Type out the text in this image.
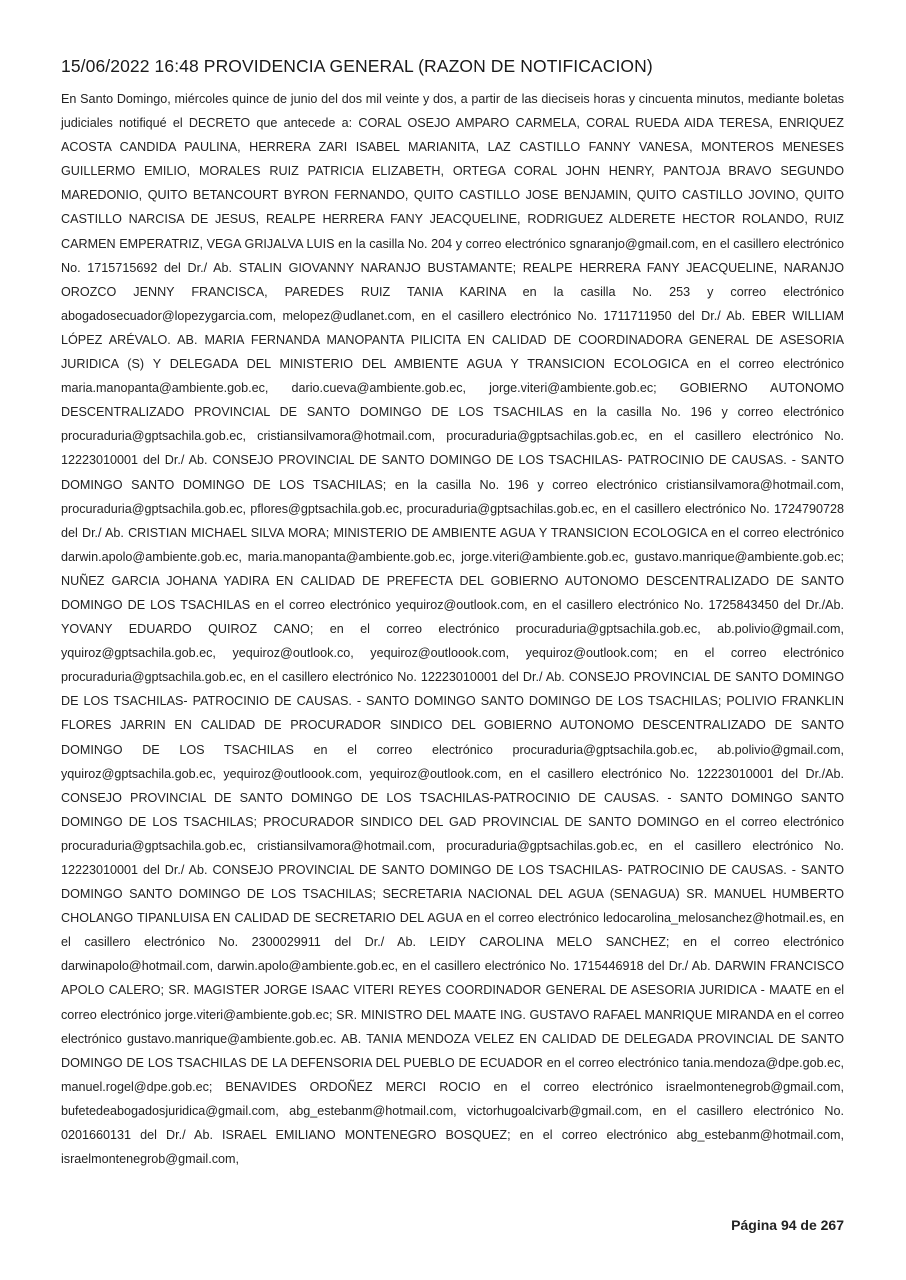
15/06/2022 16:48 PROVIDENCIA GENERAL (RAZON DE NOTIFICACION)

En Santo Domingo, miércoles quince de junio del dos mil veinte y dos, a partir de las dieciseis horas y cincuenta minutos, mediante boletas judiciales notifiqué el DECRETO que antecede a: CORAL OSEJO AMPARO CARMELA, CORAL RUEDA AIDA TERESA, ENRIQUEZ ACOSTA CANDIDA PAULINA, HERRERA ZARI ISABEL MARIANITA, LAZ CASTILLO FANNY VANESA, MONTEROS MENESES GUILLERMO EMILIO, MORALES RUIZ PATRICIA ELIZABETH, ORTEGA CORAL JOHN HENRY, PANTOJA BRAVO SEGUNDO MAREDONIO, QUITO BETANCOURT BYRON FERNANDO, QUITO CASTILLO JOSE BENJAMIN, QUITO CASTILLO JOVINO, QUITO CASTILLO NARCISA DE JESUS, REALPE HERRERA FANY JEACQUELINE, RODRIGUEZ ALDERETE HECTOR ROLANDO, RUIZ CARMEN EMPERATRIZ, VEGA GRIJALVA LUIS en la casilla No. 204 y correo electrónico sgnaranjo@gmail.com, en el casillero electrónico No. 1715715692 del Dr./ Ab. STALIN GIOVANNY NARANJO BUSTAMANTE; REALPE HERRERA FANY JEACQUELINE, NARANJO OROZCO JENNY FRANCISCA, PAREDES RUIZ TANIA KARINA en la casilla No. 253 y correo electrónico abogadosecuador@lopezygarcia.com, melopez@udlanet.com, en el casillero electrónico No. 1711711950 del Dr./ Ab. EBER WILLIAM LÓPEZ ARÉVALO. AB. MARIA FERNANDA MANOPANTA PILICITA EN CALIDAD DE COORDINADORA GENERAL DE ASESORIA JURIDICA (S) Y DELEGADA DEL MINISTERIO DEL AMBIENTE AGUA Y TRANSICION ECOLOGICA en el correo electrónico maria.manopanta@ambiente.gob.ec, dario.cueva@ambiente.gob.ec, jorge.viteri@ambiente.gob.ec; GOBIERNO AUTONOMO DESCENTRALIZADO PROVINCIAL DE SANTO DOMINGO DE LOS TSACHILAS en la casilla No. 196 y correo electrónico procuraduria@gptsachila.gob.ec, cristiansilvamora@hotmail.com, procuraduria@gptsachilas.gob.ec, en el casillero electrónico No. 12223010001 del Dr./ Ab. CONSEJO PROVINCIAL DE SANTO DOMINGO DE LOS TSACHILAS- PATROCINIO DE CAUSAS. - SANTO DOMINGO SANTO DOMINGO DE LOS TSACHILAS; en la casilla No. 196 y correo electrónico cristiansilvamora@hotmail.com, procuraduria@gptsachila.gob.ec, pflores@gptsachila.gob.ec, procuraduria@gptsachilas.gob.ec, en el casillero electrónico No. 1724790728 del Dr./ Ab. CRISTIAN MICHAEL SILVA MORA; MINISTERIO DE AMBIENTE AGUA Y TRANSICION ECOLOGICA en el correo electrónico darwin.apolo@ambiente.gob.ec, maria.manopanta@ambiente.gob.ec, jorge.viteri@ambiente.gob.ec, gustavo.manrique@ambiente.gob.ec; NUÑEZ GARCIA JOHANA YADIRA EN CALIDAD DE PREFECTA DEL GOBIERNO AUTONOMO DESCENTRALIZADO DE SANTO DOMINGO DE LOS TSACHILAS en el correo electrónico yequiroz@outlook.com, en el casillero electrónico No. 1725843450 del Dr./Ab. YOVANY EDUARDO QUIROZ CANO; en el correo electrónico procuraduria@gptsachila.gob.ec, ab.polivio@gmail.com, yquiroz@gptsachila.gob.ec, yequiroz@outlook.co, yequiroz@outloook.com, yequiroz@outlook.com; en el correo electrónico procuraduria@gptsachila.gob.ec, en el casillero electrónico No. 12223010001 del Dr./ Ab. CONSEJO PROVINCIAL DE SANTO DOMINGO DE LOS TSACHILAS- PATROCINIO DE CAUSAS. - SANTO DOMINGO SANTO DOMINGO DE LOS TSACHILAS; POLIVIO FRANKLIN FLORES JARRIN EN CALIDAD DE PROCURADOR SINDICO DEL GOBIERNO AUTONOMO DESCENTRALIZADO DE SANTO DOMINGO DE LOS TSACHILAS en el correo electrónico procuraduria@gptsachila.gob.ec, ab.polivio@gmail.com, yquiroz@gptsachila.gob.ec, yequiroz@outloook.com, yequiroz@outlook.com, en el casillero electrónico No. 12223010001 del Dr./Ab. CONSEJO PROVINCIAL DE SANTO DOMINGO DE LOS TSACHILAS-PATROCINIO DE CAUSAS. - SANTO DOMINGO SANTO DOMINGO DE LOS TSACHILAS; PROCURADOR SINDICO DEL GAD PROVINCIAL DE SANTO DOMINGO en el correo electrónico procuraduria@gptsachila.gob.ec, cristiansilvamora@hotmail.com, procuraduria@gptsachilas.gob.ec, en el casillero electrónico No. 12223010001 del Dr./ Ab. CONSEJO PROVINCIAL DE SANTO DOMINGO DE LOS TSACHILAS- PATROCINIO DE CAUSAS. - SANTO DOMINGO SANTO DOMINGO DE LOS TSACHILAS; SECRETARIA NACIONAL DEL AGUA (SENAGUA) SR. MANUEL HUMBERTO CHOLANGO TIPANLUISA EN CALIDAD DE SECRETARIO DEL AGUA en el correo electrónico ledocarolina_melosanchez@hotmail.es, en el casillero electrónico No. 2300029911 del Dr./ Ab. LEIDY CAROLINA MELO SANCHEZ; en el correo electrónico darwinapolo@hotmail.com, darwin.apolo@ambiente.gob.ec, en el casillero electrónico No. 1715446918 del Dr./ Ab. DARWIN FRANCISCO APOLO CALERO; SR. MAGISTER JORGE ISAAC VITERI REYES COORDINADOR GENERAL DE ASESORIA JURIDICA - MAATE en el correo electrónico jorge.viteri@ambiente.gob.ec; SR. MINISTRO DEL MAATE ING. GUSTAVO RAFAEL MANRIQUE MIRANDA en el correo electrónico gustavo.manrique@ambiente.gob.ec. AB. TANIA MENDOZA VELEZ EN CALIDAD DE DELEGADA PROVINCIAL DE SANTO DOMINGO DE LOS TSACHILAS DE LA DEFENSORIA DEL PUEBLO DE ECUADOR en el correo electrónico tania.mendoza@dpe.gob.ec, manuel.rogel@dpe.gob.ec; BENAVIDES ORDOÑEZ MERCI ROCIO en el correo electrónico israelmontenegrob@gmail.com, bufetedeabogadosjuridica@gmail.com, abg_estebanm@hotmail.com, victorhugoalcivarb@gmail.com, en el casillero electrónico No. 0201660131 del Dr./ Ab. ISRAEL EMILIANO MONTENEGRO BOSQUEZ; en el correo electrónico abg_estebanm@hotmail.com, israelmontenegrob@gmail.com,

Página 94 de 267
